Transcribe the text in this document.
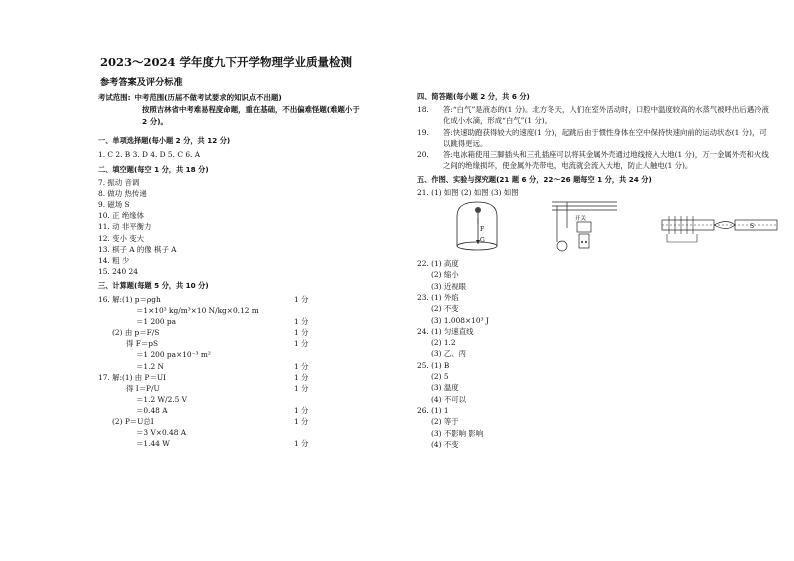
2023～2024 学年度九下开学物理学业质量检测
参考答案及评分标准
考试范围: 中考范围(历届不做考试要求的知识点不出题)
按照吉林省中考难易程度命题，重在基础，不出偏难怪题(难题小于
2 分)。
一、单项选择题(每小题 2 分，共 12 分)
1. C 2. B 3. D 4. D 5. C 6. A
二、填空题(每空 1 分，共 18 分)
7. 振动 音调
8. 做功 热传递
9. 磁场 S
10. 正 绝缘体
11. 动 非平衡力
12. 变小 变大
13. 棋子 A 的像 棋子 A
14. 粗 少
15. 240 24
三、计算题(每题 5 分，共 10 分)
16. 解:(1) p＝ρgh	1 分
＝1×10³ kg/m³×10 N/kg×0.12 m
＝1 200 pa	1 分
(2) 由 p＝F/S	1 分
得 F＝pS	1 分
＝1 200 pa×10⁻³ m²
＝1.2 N	1 分
17. 解:(1) 由 P＝UI	1 分
得 I＝P/U	1 分
＝1.2 W/2.5 V
＝0.48 A	1 分
(2) P＝U总I	1 分
＝3 V×0.48 A
＝1.44 W	1 分
四、简答题(每小题 2 分，共 6 分)
18.	答:“白气”是液态的(1 分)。北方冬天，人们在室外活动时，口腔中温度较高的水蒸气被呼出后遇冷液化成小水滴，形成“白气”(1 分)。
19.	答:快速助跑获得较大的速度(1 分)，起跳后由于惯性身体在空中保持快速向前的运动状态(1 分)，可以跳得更远。
20.	答:电冰箱使用三脚插头和三孔插座可以将其金属外壳通过地线接入大地(1 分)，万一金属外壳和火线之间的绝缘损坏，使金属外壳带电，电流就会流入大地，防止人触电(1 分)。
五、作图、实验与探究题(21 题 6 分，22～26 题每空 1 分，共 24 分)
21. (1) 如图 (2) 如图 (3) 如图
F
G
开关
S
22. (1) 高度
(2) 缩小
(3) 近视眼
23. (1) 外焰
(2) 不变
(3) 1.008×10³ J
24. (1) 匀速直线
(2) 1.2
(3) 乙、丙
25. (1) B
(2) 5
(3) 温度
(4) 不可以
26. (1) 1
(2) 等于
(3) 不影响 影响
(4) 不变
